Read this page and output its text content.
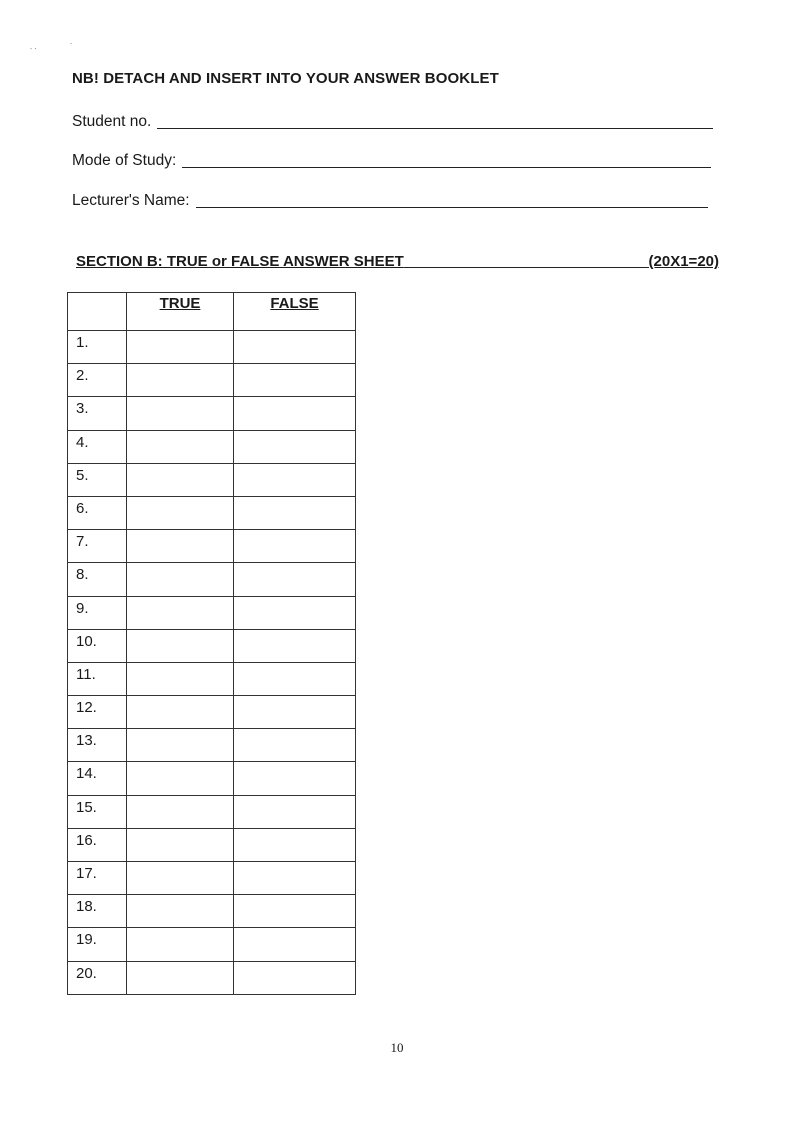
⸳ ⸳
⸳
NB! DETACH AND INSERT INTO YOUR ANSWER BOOKLET
Student no.
Mode of Study:
Lecturer's Name:
SECTION B: TRUE or FALSE ANSWER SHEET	(20X1=20)
	TRUE	FALSE
1.		
2.		
3.		
4.		
5.		
6.		
7.		
8.		
9.		
10.		
11.		
12.		
13.		
14.		
15.		
16.		
17.		
18.		
19.		
20.		
10
